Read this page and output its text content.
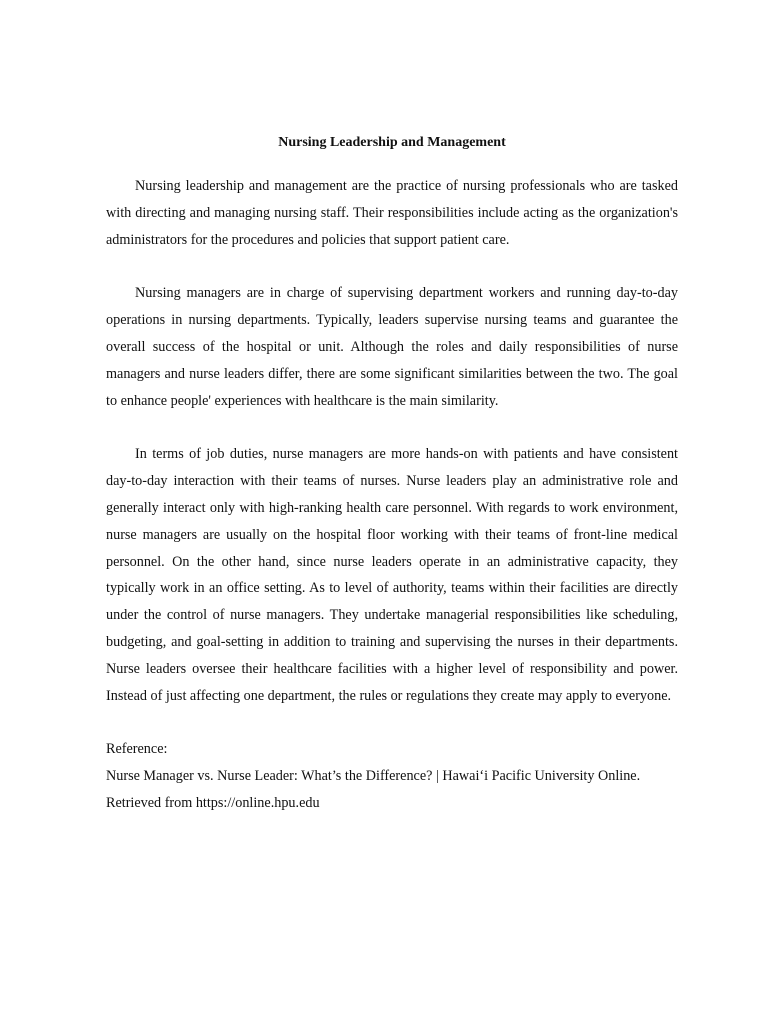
Nursing Leadership and Management

Nursing leadership and management are the practice of nursing professionals who are tasked with directing and managing nursing staff. Their responsibilities include acting as the organization's administrators for the procedures and policies that support patient care.

Nursing managers are in charge of supervising department workers and running day-to-day operations in nursing departments. Typically, leaders supervise nursing teams and guarantee the overall success of the hospital or unit. Although the roles and daily responsibilities of nurse managers and nurse leaders differ, there are some significant similarities between the two. The goal to enhance people' experiences with healthcare is the main similarity.

In terms of job duties, nurse managers are more hands-on with patients and have consistent day-to-day interaction with their teams of nurses. Nurse leaders play an administrative role and generally interact only with high-ranking health care personnel. With regards to work environment, nurse managers are usually on the hospital floor working with their teams of front-line medical personnel. On the other hand, since nurse leaders operate in an administrative capacity, they typically work in an office setting. As to level of authority, teams within their facilities are directly under the control of nurse managers. They undertake managerial responsibilities like scheduling, budgeting, and goal-setting in addition to training and supervising the nurses in their departments. Nurse leaders oversee their healthcare facilities with a higher level of responsibility and power. Instead of just affecting one department, the rules or regulations they create may apply to everyone.

Reference:

Nurse Manager vs. Nurse Leader: What’s the Difference? | Hawai‘i Pacific University Online.

Retrieved from https://online.hpu.edu
